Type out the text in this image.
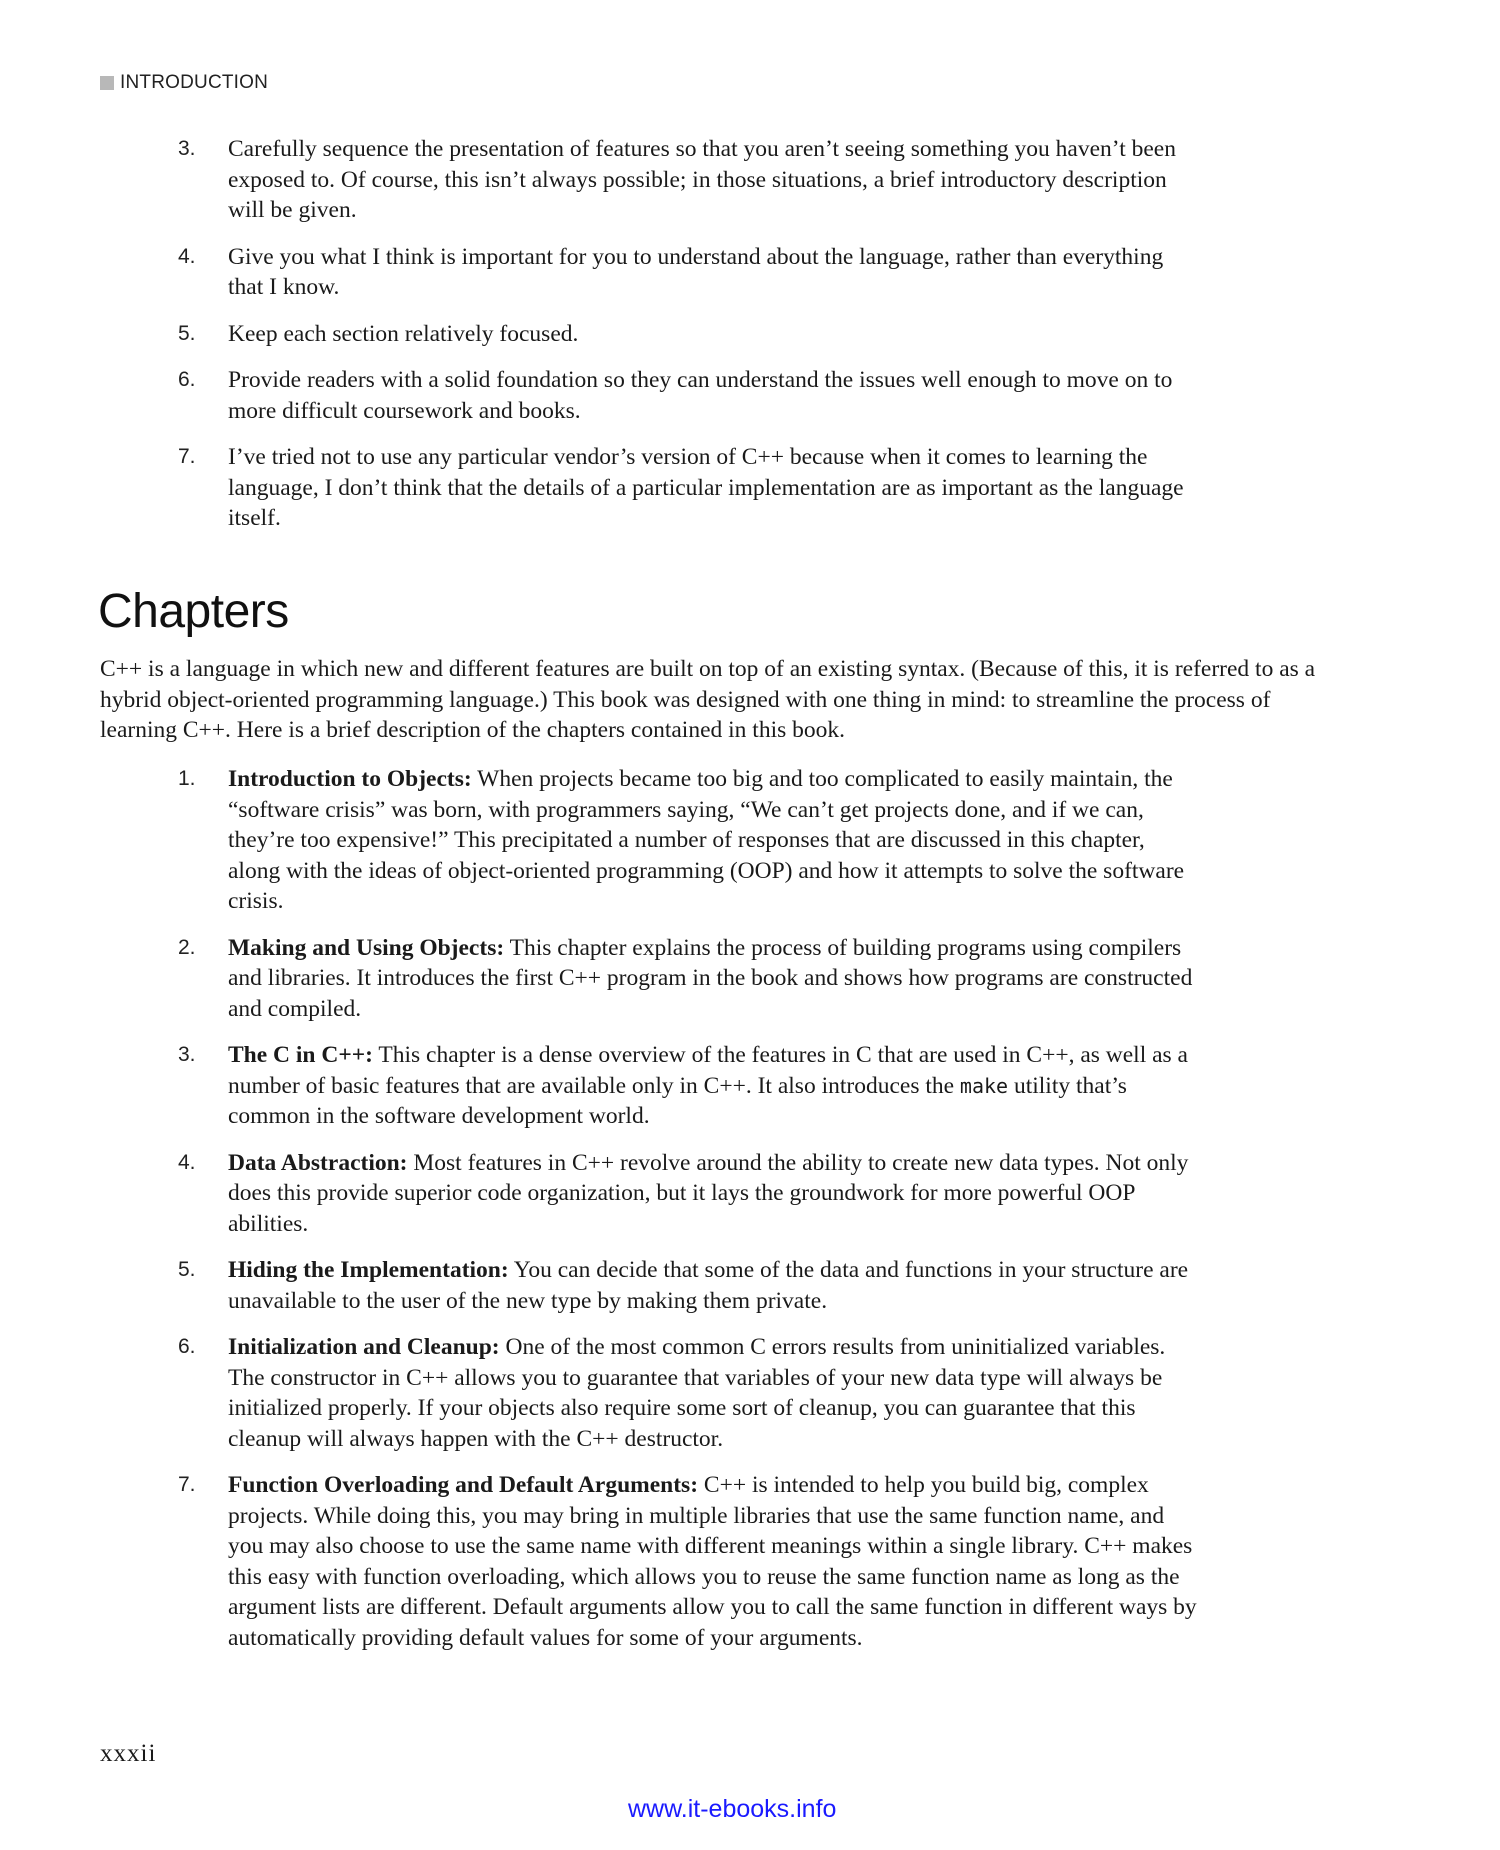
INTRODUCTION
3. Carefully sequence the presentation of features so that you aren’t seeing something you haven’t been exposed to. Of course, this isn’t always possible; in those situations, a brief introductory description will be given.
4. Give you what I think is important for you to understand about the language, rather than everything that I know.
5. Keep each section relatively focused.
6. Provide readers with a solid foundation so they can understand the issues well enough to move on to more difficult coursework and books.
7. I’ve tried not to use any particular vendor’s version of C++ because when it comes to learning the language, I don’t think that the details of a particular implementation are as important as the language itself.
Chapters

C++ is a language in which new and different features are built on top of an existing syntax. (Because of this, it is referred to as a hybrid object-oriented programming language.) This book was designed with one thing in mind: to streamline the process of learning C++. Here is a brief description of the chapters contained in this book.

1. Introduction to Objects: When projects became too big and too complicated to easily maintain, the “software crisis” was born, with programmers saying, “We can’t get projects done, and if we can, they’re too expensive!” This precipitated a number of responses that are discussed in this chapter, along with the ideas of object-oriented programming (OOP) and how it attempts to solve the software crisis.
2. Making and Using Objects: This chapter explains the process of building programs using compilers and libraries. It introduces the first C++ program in the book and shows how programs are constructed and compiled.
3. The C in C++: This chapter is a dense overview of the features in C that are used in C++, as well as a number of basic features that are available only in C++. It also introduces the make utility that’s common in the software development world.
4. Data Abstraction: Most features in C++ revolve around the ability to create new data types. Not only does this provide superior code organization, but it lays the groundwork for more powerful OOP abilities.
5. Hiding the Implementation: You can decide that some of the data and functions in your structure are unavailable to the user of the new type by making them private.
6. Initialization and Cleanup: One of the most common C errors results from uninitialized variables. The constructor in C++ allows you to guarantee that variables of your new data type will always be initialized properly. If your objects also require some sort of cleanup, you can guarantee that this cleanup will always happen with the C++ destructor.
7. Function Overloading and Default Arguments: C++ is intended to help you build big, complex projects. While doing this, you may bring in multiple libraries that use the same function name, and you may also choose to use the same name with different meanings within a single library. C++ makes this easy with function overloading, which allows you to reuse the same function name as long as the argument lists are different. Default arguments allow you to call the same function in different ways by automatically providing default values for some of your arguments.
xxxii
www.it-ebooks.info
